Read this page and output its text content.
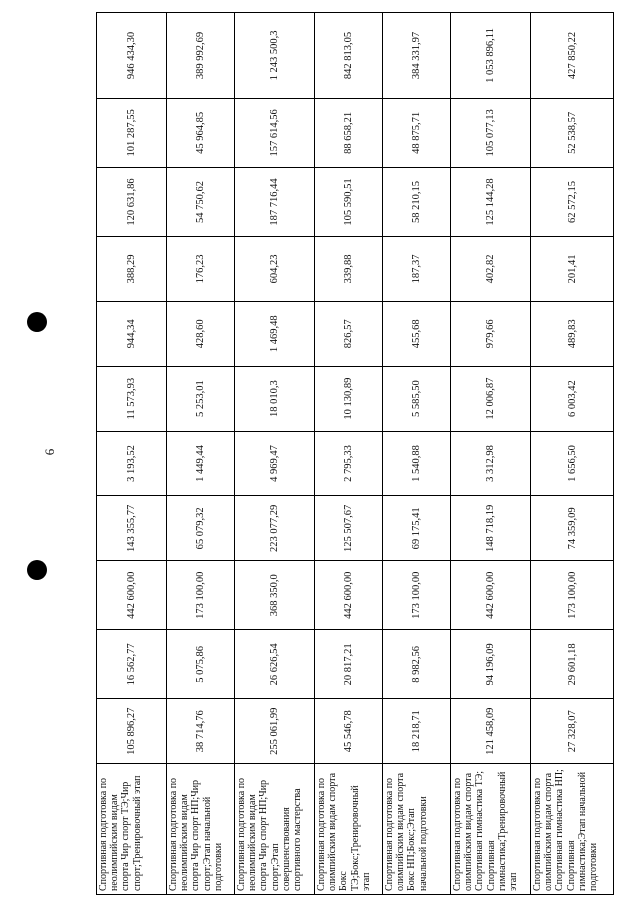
6
Спортивная подготовка по неолимпийским видам спорта Чир спорт ТЭ;Чир спорт;Тренировочный этап	105 896,27	16 562,77	442 600,00	143 355,77	3 193,52	11 573,93	944,34	388,29	120 631,86	101 287,55	946 434,30
Спортивная подготовка по неолимпийским видам спорта Чир спорт НП;Чир спорт;Этап начальной подготовки	38 714,76	5 075,86	173 100,00	65 079,32	1 449,44	5 253,01	428,60	176,23	54 750,62	45 964,85	389 992,69
Спортивная подготовка по неолимпийским видам спорта Чир спорт НП;Чир спорт;Этап совершенствования спортивного мастерства	255 061,99	26 626,54	368 350,0	223 077,29	4 969,47	18 010,3	1 469,48	604,23	187 716,44	157 614,56	1 243 500,3
Спортивная подготовка по олимпийским видам спорта Бокс ТЭ;Бокс;Тренировочный этап	45 546,78	20 817,21	442 600,00	125 507,67	2 795,33	10 130,89	826,57	339,88	105 590,51	88 658,21	842 813,05
Спортивная подготовка по олимпийским видам спорта Бокс НП;Бокс;Этап начальной подготовки	18 218,71	8 982,56	173 100,00	69 175,41	1 540,88	5 585,50	455,68	187,37	58 210,15	48 875,71	384 331,97
Спортивная подготовка по олимпийским видам спорта Спортивная гимнастика ТЭ; Спортивная гимнастика;Тренировочный этап	121 458,09	94 196,09	442 600,00	148 718,19	3 312,98	12 006,87	979,66	402,82	125 144,28	105 077,13	1 053 896,11
Спортивная подготовка по олимпийским видам спорта Спортивная гимнастика НП; Спортивная гимнастика;Этап начальной подготовки	27 328,07	29 601,18	173 100,00	74 359,09	1 656,50	6 003,42	489,83	201,41	62 572,15	52 538,57	427 850,22
